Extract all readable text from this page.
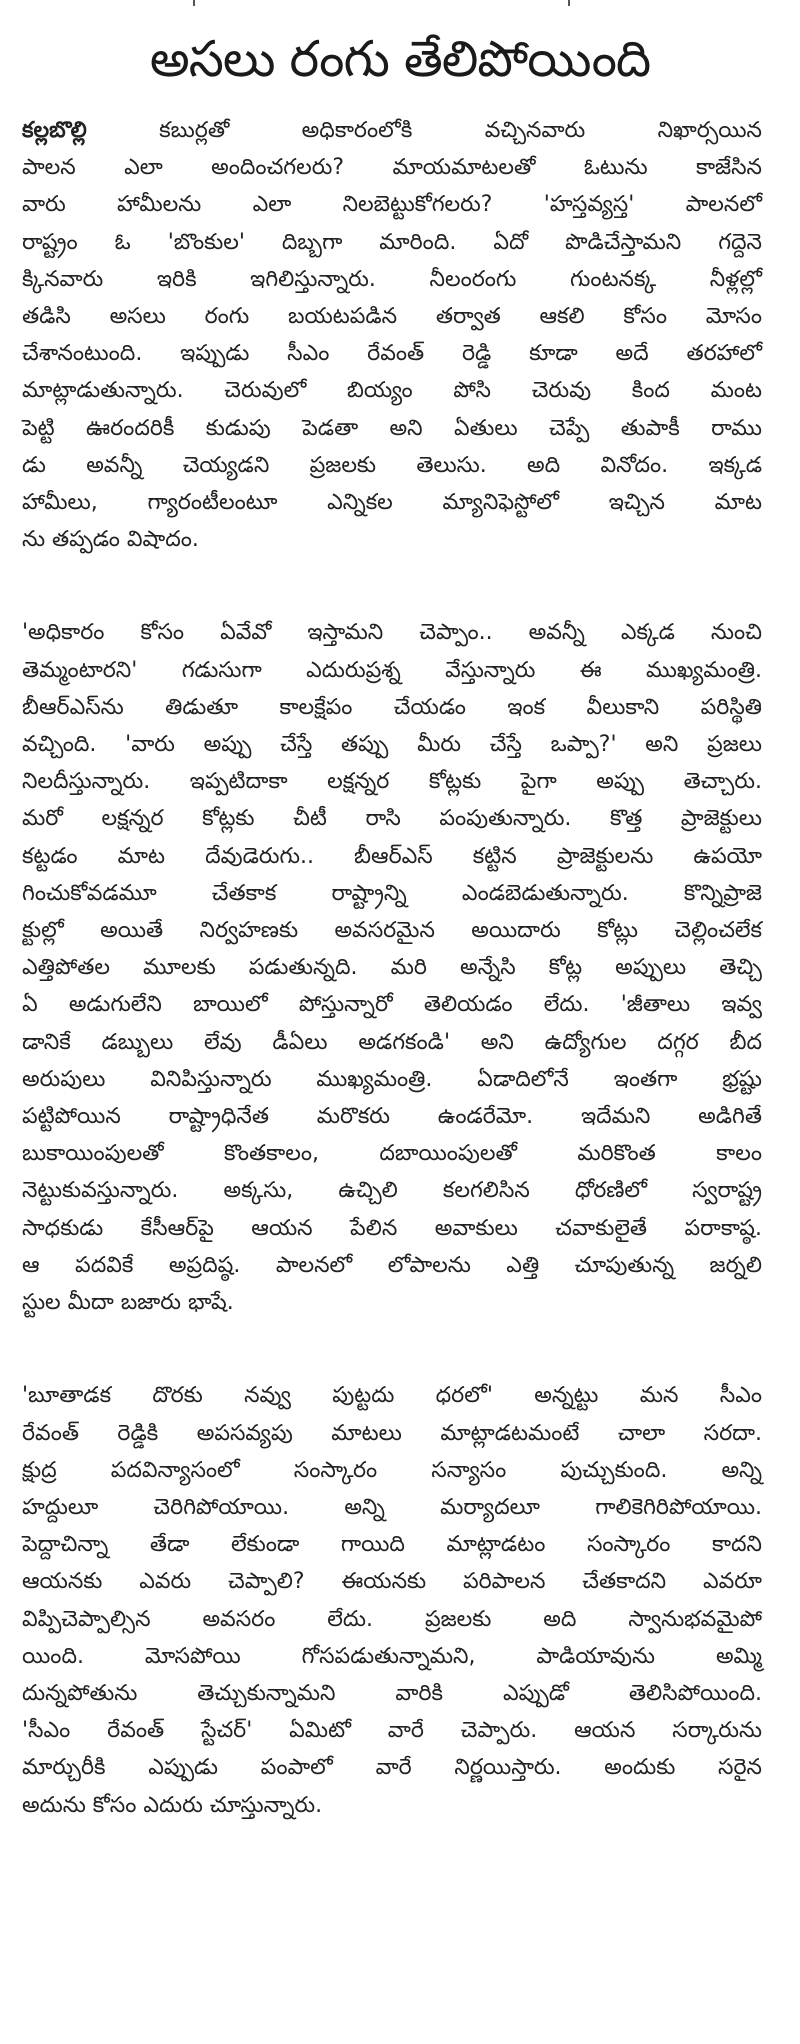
అసలు రంగు తేలిపోయింది
కల్లబొల్లి కబుర్లతో అధికారంలోకి వచ్చినవారు నిఖార్సయిన
పాలన ఎలా అందించగలరు? మాయమాటలతో ఓటును కాజేసిన
వారు హామీలను ఎలా నిలబెట్టుకోగలరు? 'హస్తవ్యస్త' పాలనలో
రాష్ట్రం ఓ 'బొంకుల' దిబ్బగా మారింది. ఏదో పొడిచేస్తామని గద్దెనె
క్కినవారు ఇరికి ఇగిలిస్తున్నారు. నీలంరంగు గుంటనక్క నీళ్లల్లో
తడిసి అసలు రంగు బయటపడిన తర్వాత ఆకలి కోసం మోసం
చేశానంటుంది. ఇప్పుడు సీఎం రేవంత్ రెడ్డి కూడా అదే తరహాలో
మాట్లాడుతున్నారు. చెరువులో బియ్యం పోసి చెరువు కింద మంట
పెట్టి ఊరందరికీ కుడుపు పెడతా అని ఏతులు చెప్పే తుపాకీ రాము
డు అవన్నీ చెయ్యడని ప్రజలకు తెలుసు. అది వినోదం. ఇక్కడ
హామీలు, గ్యారంటీలంటూ ఎన్నికల మ్యానిఫెస్టోలో ఇచ్చిన మాట
ను తప్పడం విషాదం.
'అధికారం కోసం ఏవేవో ఇస్తామని చెప్పాం.. అవన్నీ ఎక్కడ నుంచి
తెమ్మంటారని' గడుసుగా ఎదురుప్రశ్న వేస్తున్నారు ఈ ముఖ్యమంత్రి.
బీఆర్ఎస్‌ను తిడుతూ కాలక్షేపం చేయడం ఇంక వీలుకాని పరిస్థితి
వచ్చింది. 'వారు అప్పు చేస్తే తప్పు మీరు చేస్తే ఒప్పా?' అని ప్రజలు
నిలదీస్తున్నారు. ఇప్పటిదాకా లక్షన్నర కోట్లకు పైగా అప్పు తెచ్చారు.
మరో లక్షన్నర కోట్లకు చీటీ రాసి పంపుతున్నారు. కొత్త ప్రాజెక్టులు
కట్టడం మాట దేవుడెరుగు.. బీఆర్ఎస్ కట్టిన ప్రాజెక్టులను ఉపయో
గించుకోవడమూ చేతకాక రాష్ట్రాన్ని ఎండబెడుతున్నారు. కొన్నిప్రాజె
క్టుల్లో అయితే నిర్వహణకు అవసరమైన అయిదారు కోట్లు చెల్లించలేక
ఎత్తిపోతల మూలకు పడుతున్నది. మరి అన్నేసి కోట్ల అప్పులు తెచ్చి
ఏ అడుగులేని బాయిలో పోస్తున్నారో తెలియడం లేదు. 'జీతాలు ఇవ్వ
డానికే డబ్బులు లేవు డీఏలు అడగకండి' అని ఉద్యోగుల దగ్గర బీద
అరుపులు వినిపిస్తున్నారు ముఖ్యమంత్రి. ఏడాదిలోనే ఇంతగా భ్రష్టు
పట్టిపోయిన రాష్ట్రాధినేత మరొకరు ఉండరేమో. ఇదేమని అడిగితే
బుకాయింపులతో కొంతకాలం, దబాయింపులతో మరికొంత కాలం
నెట్టుకువస్తున్నారు. అక్కసు, ఉచ్చిలి కలగలిసిన ధోరణిలో స్వరాష్ట్ర
సాధకుడు కేసీఆర్‌పై ఆయన పేలిన అవాకులు చవాకులైతే పరాకాష్ఠ.
ఆ పదవికే అప్రదిష్ఠ. పాలనలో లోపాలను ఎత్తి చూపుతున్న జర్నలి
స్టుల మీదా బజారు భాషే.
'బూతాడక దొరకు నవ్వు పుట్టదు ధరలో' అన్నట్టు మన సీఎం
రేవంత్ రెడ్డికి అపసవ్యపు మాటలు మాట్లాడటమంటే చాలా సరదా.
క్షుద్ర పదవిన్యాసంలో సంస్కారం సన్యాసం పుచ్చుకుంది. అన్ని
హద్దులూ చెరిగిపోయాయి. అన్ని మర్యాదలూ గాలికెగిరిపోయాయి.
పెద్దాచిన్నా తేడా లేకుండా గాయిది మాట్లాడటం సంస్కారం కాదని
ఆయనకు ఎవరు చెప్పాలి? ఈయనకు పరిపాలన చేతకాదని ఎవరూ
విప్పిచెప్పాల్సిన అవసరం లేదు. ప్రజలకు అది స్వానుభవమైపో
యింది. మోసపోయి గోసపడుతున్నామని, పాడియావును అమ్మి
దున్నపోతును తెచ్చుకున్నామని వారికి ఎప్పుడో తెలిసిపోయింది.
'సీఎం రేవంత్ స్టేచర్' ఏమిటో వారే చెప్పారు. ఆయన సర్కారును
మార్చురీకి ఎప్పుడు పంపాలో వారే నిర్ణయిస్తారు. అందుకు సరైన
అదును కోసం ఎదురు చూస్తున్నారు.
